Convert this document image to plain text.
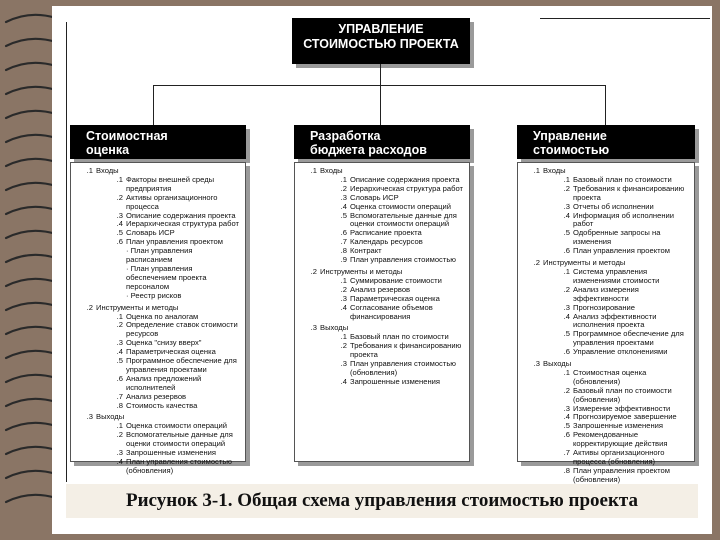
УПРАВЛЕНИЕ
СТОИМОСТЬЮ ПРОЕКТА
Стоимостная
оценка
.1 Входы
.1 Факторы внешней среды предприятия
.2 Активы организационного процесса
.3 Описание содержания проекта
.4 Иерархическая структура работ
.5 Словарь ИСР
.6 План управления проектом
· План управления расписанием
· План управления обеспечением проекта персоналом
· Реестр рисков
.2 Инструменты и методы
.1 Оценка по аналогам
.2 Определение ставок стоимости ресурсов
.3 Оценка "снизу вверх"
.4 Параметрическая оценка
.5 Программное обеспечение для управления проектами
.6 Анализ предложений исполнителей
.7 Анализ резервов
.8 Стоимость качества
.3 Выходы
.1 Оценка стоимости операций
.2 Вспомогательные данные для оценки стоимости операций
.3 Запрошенные изменения
.4 План управления стоимостью (обновления)
Разработка
бюджета расходов
.1 Входы
.1 Описание содержания проекта
.2 Иерархическая структура работ
.3 Словарь ИСР
.4 Оценка стоимости операций
.5 Вспомогательные данные для оценки стоимости операций
.6 Расписание проекта
.7 Календарь ресурсов
.8 Контракт
.9 План управления стоимостью
.2 Инструменты и методы
.1 Суммирование стоимости
.2 Анализ резервов
.3 Параметрическая оценка
.4 Согласование объемов финансирования
.3 Выходы
.1 Базовый план по стоимости
.2 Требования к финансированию проекта
.3 План управления стоимостью (обновления)
.4 Запрошенные изменения
Управление
стоимостью
.1 Входы
.1 Базовый план по стоимости
.2 Требования к финансированию проекта
.3 Отчеты об исполнении
.4 Информация об исполнении работ
.5 Одобренные запросы на изменения
.6 План управления проектом
.2 Инструменты и методы
.1 Система управления изменениями стоимости
.2 Анализ измерения эффективности
.3 Прогнозирование
.4 Анализ эффективности исполнения проекта
.5 Программное обеспечение для управления проектами
.6 Управление отклонениями
.3 Выходы
.1 Стоимостная оценка (обновления)
.2 Базовый план по стоимости (обновления)
.3 Измерение эффективности
.4 Прогнозируемое завершение
.5 Запрошенные изменения
.6 Рекомендованные корректирующие действия
.7 Активы организационного процесса (обновления)
.8 План управления проектом (обновления)
Рисунок 3-1. Общая схема управления стоимостью проекта
